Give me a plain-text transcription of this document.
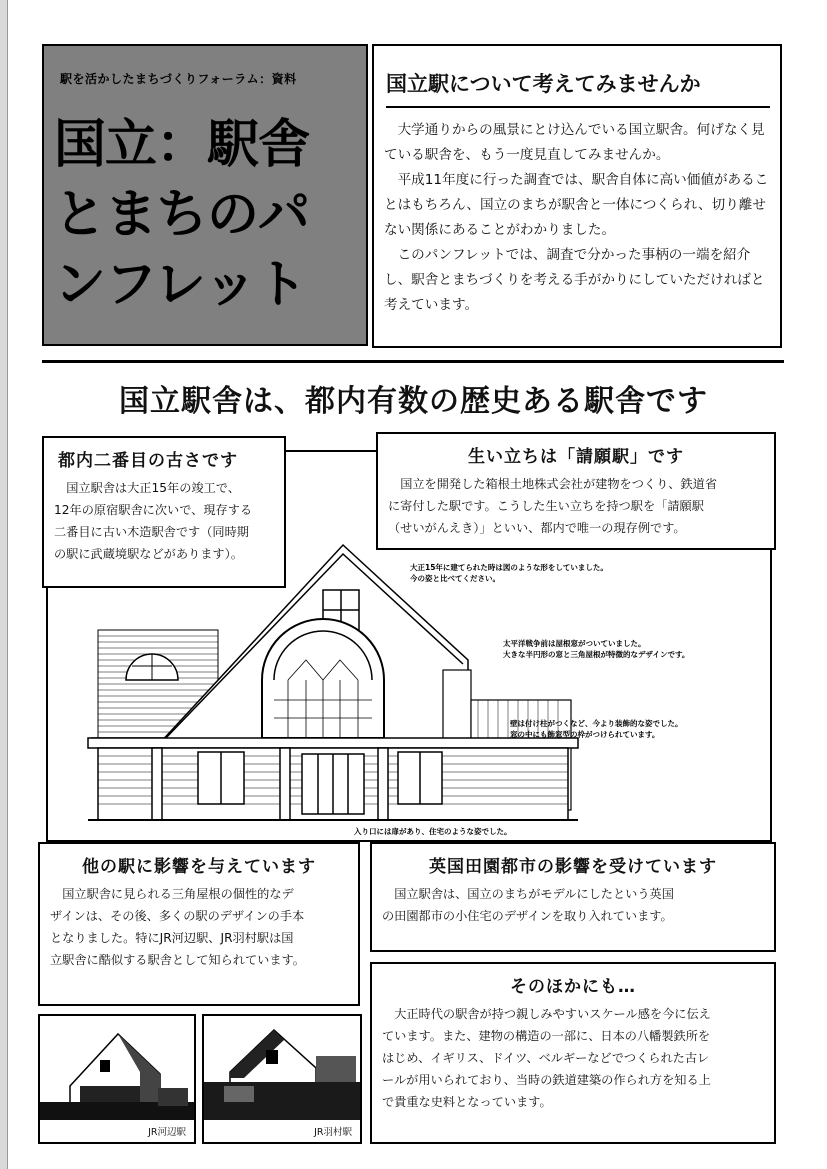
駅を活かしたまちづくりフォーラム：資料
国立：駅舎
とまちのパ
ンフレット
国立駅について考えてみませんか

大学通りからの風景にとけ込んでいる国立駅舎。何げなく見ている駅舎を、もう一度見直してみませんか。

平成11年度に行った調査では、駅舎自体に高い価値があることはもちろん、国立のまちが駅舎と一体につくられ、切り離せない関係にあることがわかりました。

このパンフレットでは、調査で分かった事柄の一端を紹介し、駅舎とまちづくりを考える手がかりにしていただければと考えています。

国立駅舎は、都内有数の歴史ある駅舎です
大正15年に建てられた時は図のような形をしていました。
今の姿と比べてください。
太平洋戦争前は屋根窓がついていました。
大きな半円形の窓と三角屋根が特徴的なデザインです。
壁は付け柱がつくなど、今より装飾的な姿でした。
窓の中にも飾窓型の枠がつけられています。
入り口には扉があり、住宅のような姿でした。
都内二番目の古さです
国立駅舎は大正15年の竣工で、
12年の原宿駅舎に次いで、現存する
二番目に古い木造駅舎です（同時期
の駅に武蔵境駅などがあります）。
生い立ちは「請願駅」です
国立を開発した箱根土地株式会社が建物をつくり、鉄道省
に寄付した駅です。こうした生い立ちを持つ駅を「請願駅
（せいがんえき）」といい、都内で唯一の現存例です。
他の駅に影響を与えています
国立駅舎に見られる三角屋根の個性的なデ
ザインは、その後、多くの駅のデザインの手本
となりました。特にJR河辺駅、JR羽村駅は国
立駅舎に酷似する駅舎として知られています。
英国田園都市の影響を受けています
国立駅舎は、国立のまちがモデルにしたという英国
の田園都市の小住宅のデザインを取り入れています。
そのほかにも…
大正時代の駅舎が持つ親しみやすいスケール感を今に伝え
ています。また、建物の構造の一部に、日本の八幡製鉄所を
はじめ、イギリス、ドイツ、ベルギーなどでつくられた古レ
ールが用いられており、当時の鉄道建築の作られ方を知る上
で貴重な史料となっています。
JR河辺駅	JR羽村駅
